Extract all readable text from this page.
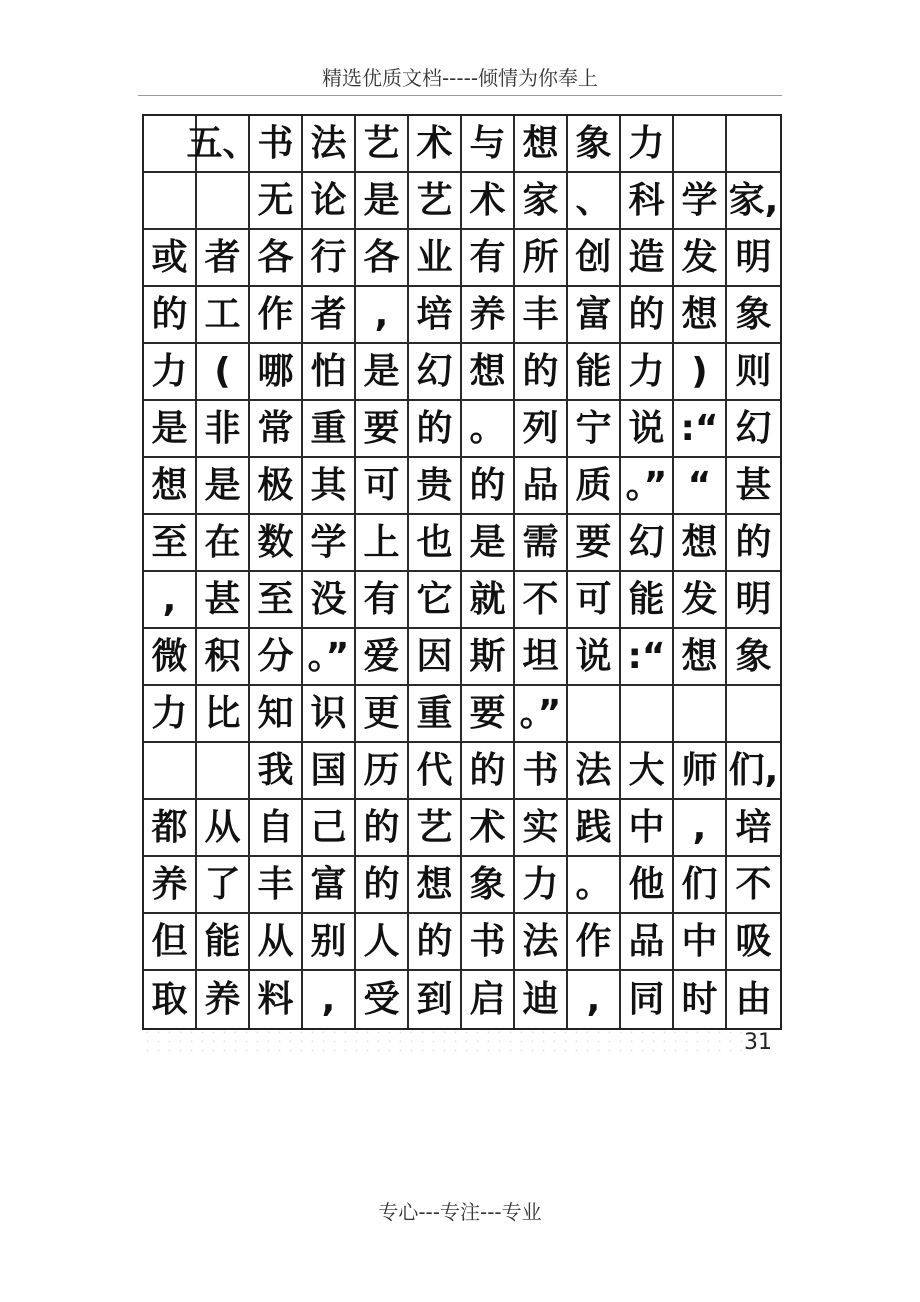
精选优质文档-----倾情为你奉上
五、
书 法 艺 术 与 想 象 力
无 论 是 艺 术 家 、 科 学 家,
或 者 各 行 各 业 有 所 创 造 发 明
的 工 作 者 , 培 养 丰 富 的 想 象
力 ( 哪 怕 是 幻 想 的 能 力 ) 则
是 非 常 重 要 的 。 列 宁 说 :“ 幻
想 是 极 其 可 贵 的 品 质 。” “ 甚
至 在 数 学 上 也 是 需 要 幻 想 的
, 甚 至 没 有 它 就 不 可 能 发 明
微 积 分 。” 爱 因 斯 坦 说 :“ 想 象
力 比 知 识 更 重 要 。”
我 国 历 代 的 书 法 大 师 们,
都 从 自 己 的 艺 术 实 践 中 , 培
养 了 丰 富 的 想 象 力 。 他 们 不
但 能 从 别 人 的 书 法 作 品 中 吸
取 养 料 , 受 到 启 迪 , 同 时 由
31
专心---专注---专业
